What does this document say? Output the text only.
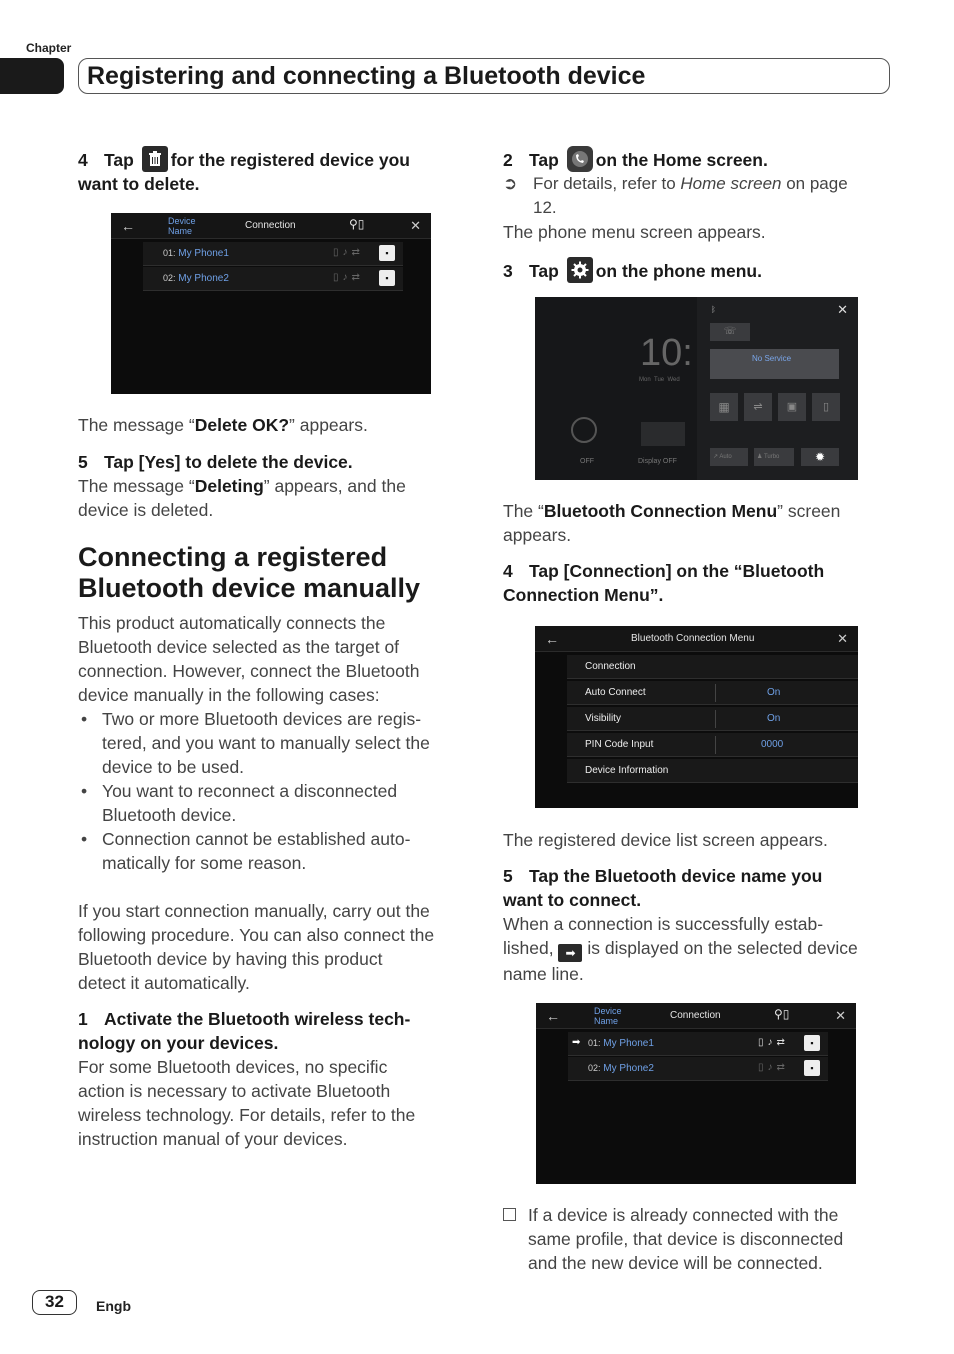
Chapter
Registering and connecting a Bluetooth device
4 Tap for the registered device you
want to delete.
←	Device
Name	Connection	⚲▯	✕
01: My Phone1	▯♪⇄	▪
02: My Phone2	▯♪⇄	▪

The message “Delete OK?” appears.

5 Tap [Yes] to delete the device.

The message “Deleting” appears, and the
device is deleted.

Connecting a registered
Bluetooth device manually

This product automatically connects the
Bluetooth device selected as the target of
connection. However, connect the Bluetooth
device manually in the following cases:

• Two or more Bluetooth devices are regis-
tered, and you want to manually select the
device to be used.
• You want to reconnect a disconnected
Bluetooth device.
• Connection cannot be established auto-
matically for some reason.

If you start connection manually, carry out the
following procedure. You can also connect the
Bluetooth device by having this product
detect it automatically.

1 Activate the Bluetooth wireless tech-
nology on your devices.

For some Bluetooth devices, no specific
action is necessary to activate Bluetooth
wireless technology. For details, refer to the
instruction manual of your devices.

2 Tap on the Home screen.

➲ For details, refer to Home screen on page
12.

The phone menu screen appears.

3 Tap on the phone menu.
10:
Mon Tue Wed
OFF	Display OFF
✕
ᛒ
☏
No Service
▦	⇌	▣	▯
↗ Auto	♟ Turbo	✹

The “Bluetooth Connection Menu” screen
appears.

4 Tap [Connection] on the “Bluetooth
Connection Menu”.
←	Bluetooth Connection Menu	✕
Connection
Auto Connect	On
Visibility	On
PIN Code Input	0000
Device Information

The registered device list screen appears.

5 Tap the Bluetooth device name you
want to connect.

When a connection is successfully estab-
lished, ➡ is displayed on the selected device
name line.

←	Device
Name	Connection	⚲▯	✕
➡ 01: My Phone1	▯♪⇄	▪
02: My Phone2	▯♪⇄	▪

If a device is already connected with the
same profile, that device is disconnected
and the new device will be connected.

32	Engb
